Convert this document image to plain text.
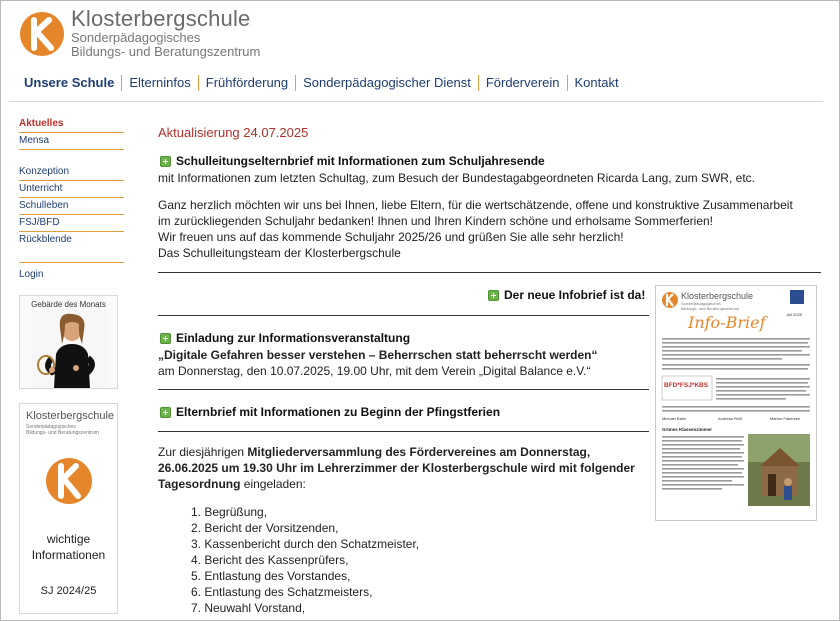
Klosterbergschule
Sonderpädagogisches
Bildungs- und Beratungszentrum
Unsere Schule	Elterninfos	Frühförderung	Sonderpädagogischer Dienst	Förderverein	Kontakt
Aktuelles
Mensa
Konzeption
Unterricht
Schulleben
FSJ/BFD
Rückblende
Login
Gebärde des Monats
Klosterbergschule
Sonderpädagogisches
Bildungs- und Beratungszentrum
wichtige
Informationen
SJ 2024/25
Aktualisierung 24.07.2025
Schulleitungselternbrief mit Informationen zum Schuljahresende
mit Informationen zum letzten Schultag, zum Besuch der Bundestagabgeordneten Ricarda Lang, zum SWR, etc.
Ganz herzlich möchten wir uns bei Ihnen, liebe Eltern, für die wertschätzende, offene und konstruktive Zusammenarbeit
im zurückliegenden Schuljahr bedanken! Ihnen und Ihren Kindern schöne und erholsame Sommerferien!
Wir freuen uns auf das kommende Schuljahr 2025/26 und grüßen Sie alle sehr herzlich!
Das Schulleitungsteam der Klosterbergschule
Der neue Infobrief ist da!
Einladung zur Informationsveranstaltung
„Digitale Gefahren besser verstehen – Beherrschen statt beherrscht werden“
am Donnerstag, den 10.07.2025, 19.00 Uhr, mit dem Verein „Digital Balance e.V.“
Elternbrief mit Informationen zu Beginn der Pfingstferien
Zur diesjährigen Mitgliederversammlung des Fördervereines am Donnerstag,
26.06.2025 um 19.30 Uhr im Lehrerzimmer der Klosterbergschule wird mit folgender
Tagesordnung eingeladen:
1. Begrüßung,
2. Bericht der Vorsitzenden,
3. Kassenbericht durch den Schatzmeister,
4. Bericht des Kassenprüfers,
5. Entlastung des Vorstandes,
6. Entlastung des Schatzmeisters,
7. Neuwahl Vorstand,
Klosterbergschule
Sonderpädagogisches
Bildungs- und Beratungszentrum
Info-Brief	Juli 2025
BFD*FSJ*KBS
Michael Balm	Andreas Reiß	Marion Fabersen
Grünes Klassenzimmer
